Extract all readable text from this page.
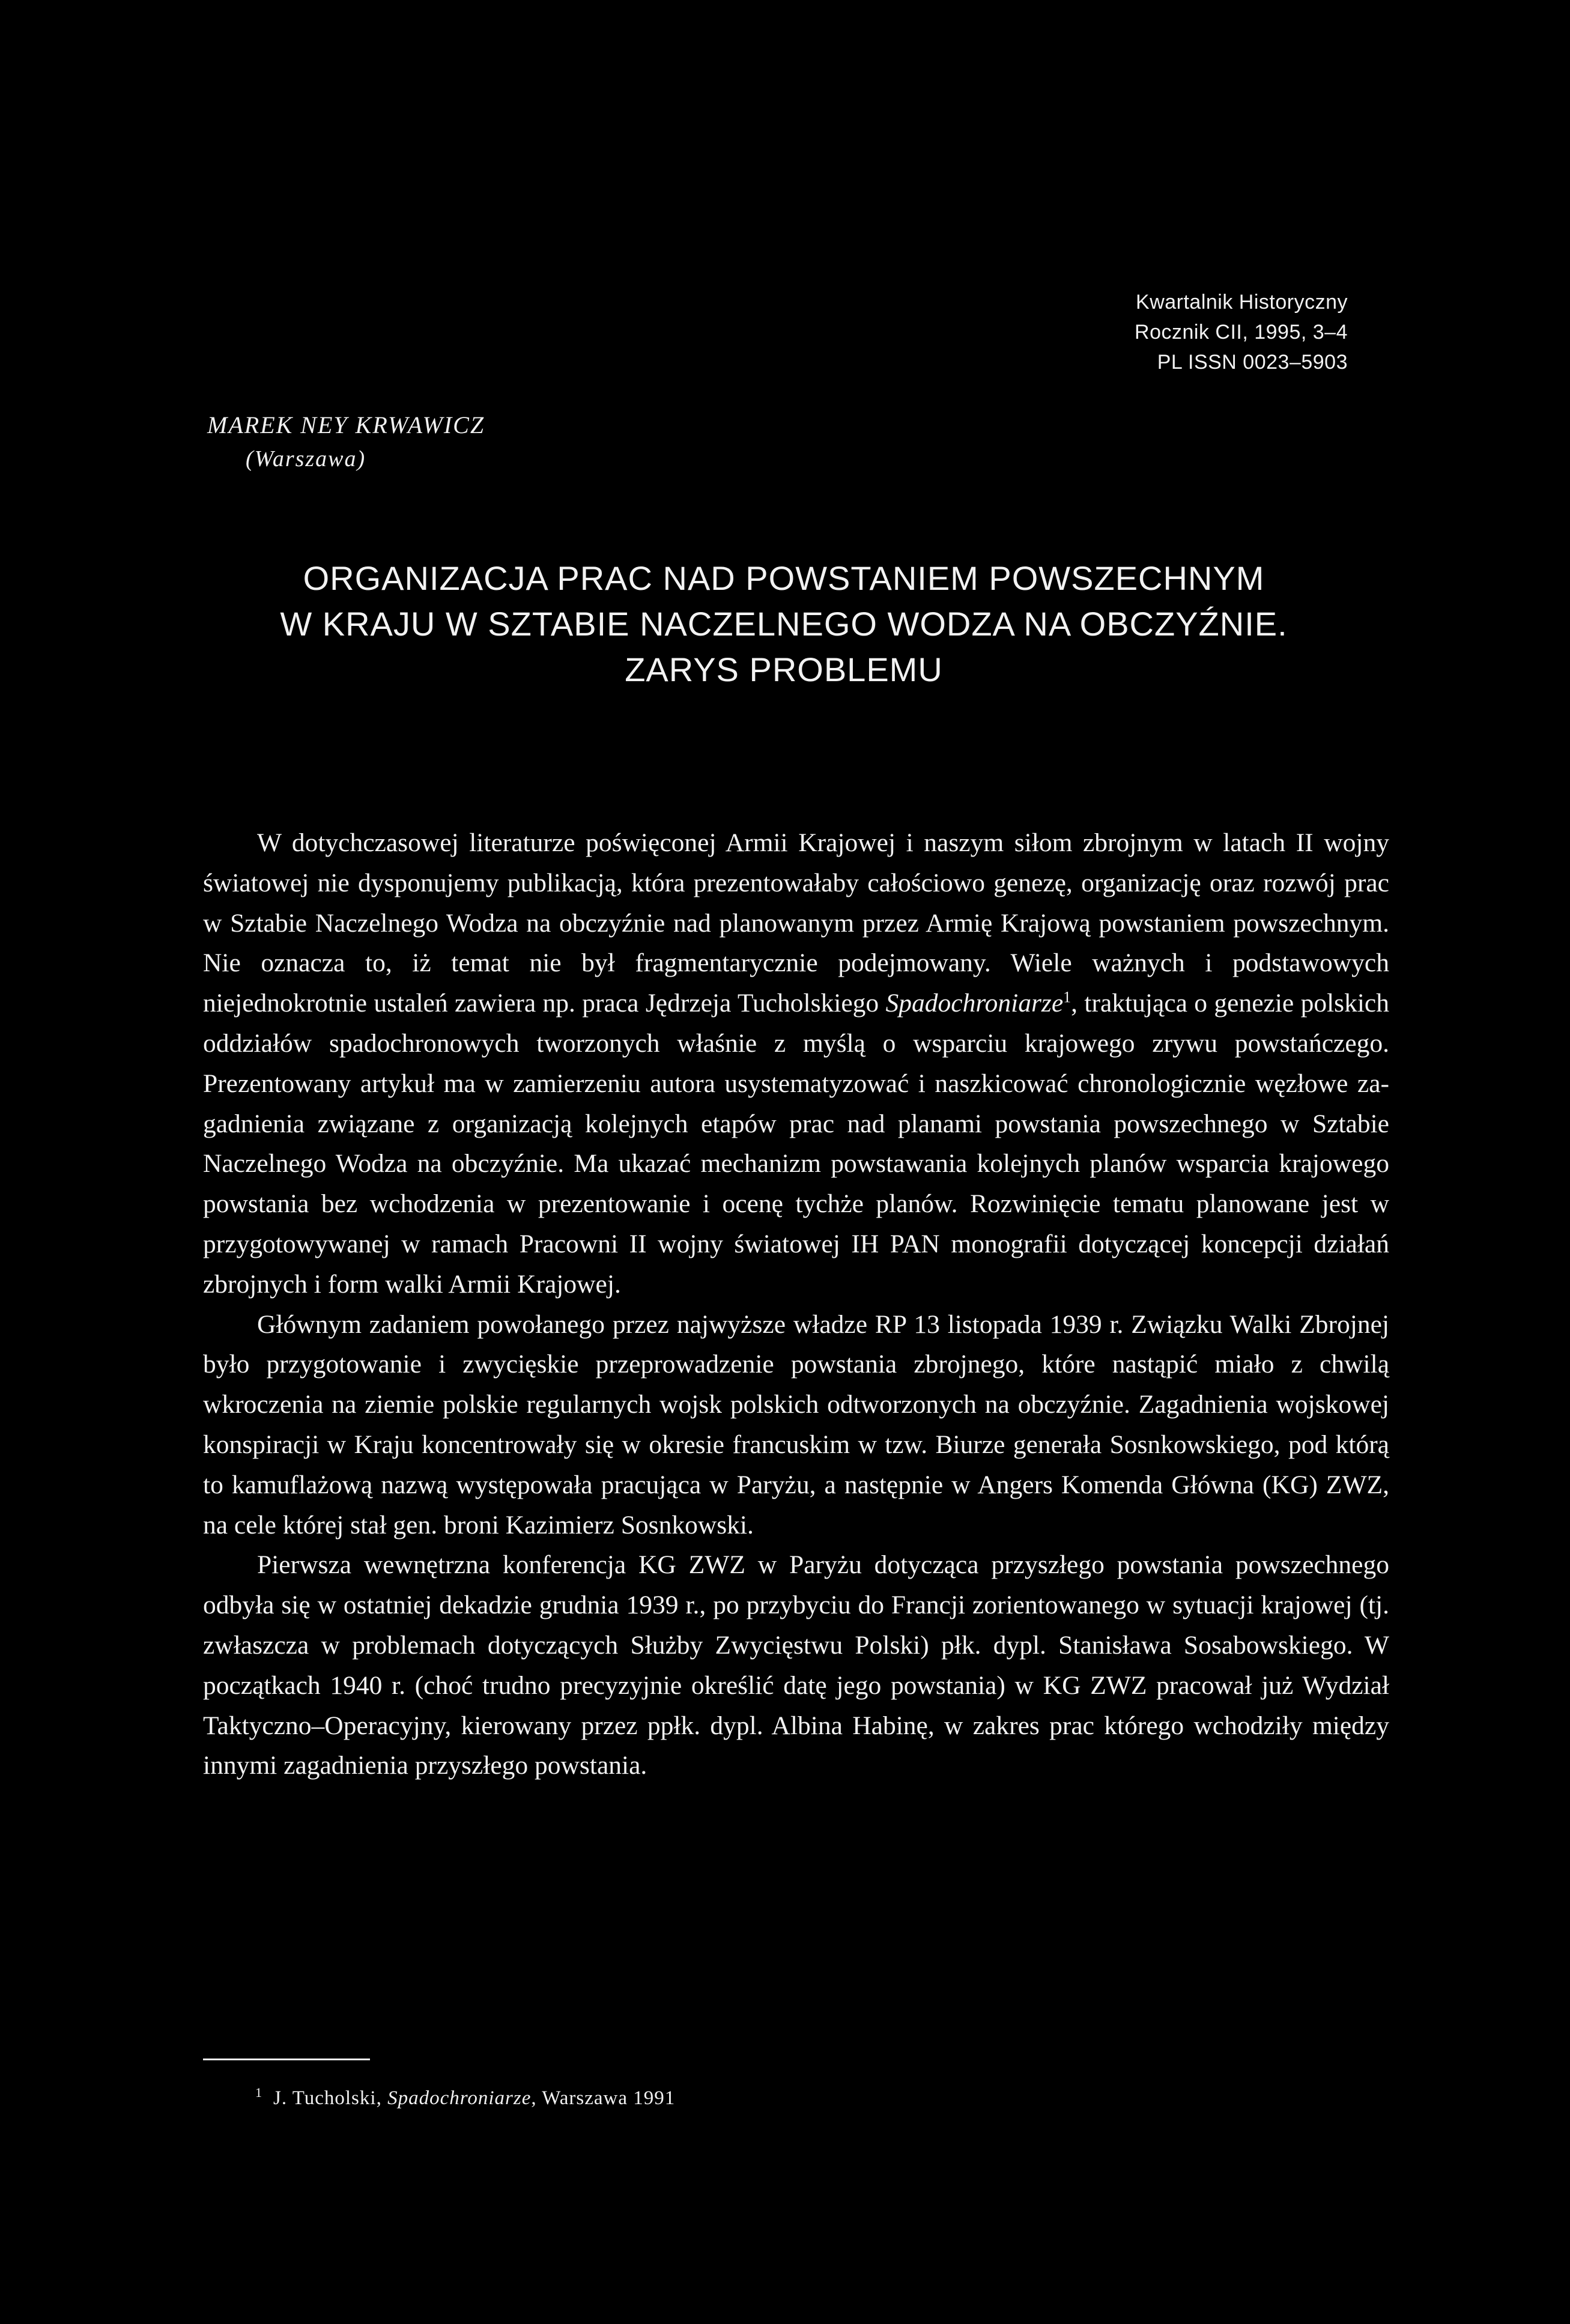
Kwartalnik Historyczny
Rocznik CII, 1995, 3–4
PL ISSN 0023–5903
MAREK NEY KRWAWICZ
(Warszawa)
ORGANIZACJA PRAC NAD POWSTANIEM POWSZECHNYM
W KRAJU W SZTABIE NACZELNEGO WODZA NA OBCZYŹNIE.
ZARYS PROBLEMU

W dotychczasowej literaturze poświęconej Armii Krajowej i naszym siłom zbrojnym w latach II wojny światowej nie dysponujemy publikacją, która prezentowałaby całościowo genezę, organizację oraz rozwój prac w Sztabie Naczelnego Wodza na obczyźnie nad planowanym przez Armię Krajową powstaniem powszechnym. Nie oznacza to, iż temat nie był fragmentarycznie podejmowany. Wiele ważnych i podstawowych niejednokrotnie ustaleń zawiera np. praca Jędrzeja Tucholskiego Spadochroniarze$^1$, traktująca o genezie polskich oddziałów spadochronowych tworzonych właśnie z myślą o wsparciu krajowego zrywu powstańczego. Prezentowany artykuł ma w zamierzeniu autora usystematyzować i naszkicować chronologicznie węzłowe zagadnienia związane z organizacją kolejnych etapów prac nad planami powstania powszechnego w Sztabie Naczelnego Wodza na obczyźnie. Ma ukazać mechanizm powstawania kolejnych planów wsparcia krajowego powstania bez wchodzenia w prezentowanie i ocenę tychże planów. Rozwinięcie tematu planowane jest w przygotowywanej w ramach Pracowni II wojny światowej IH PAN monografii dotyczącej koncepcji działań zbrojnych i form walki Armii Krajowej.

Głównym zadaniem powołanego przez najwyższe władze RP 13 listopada 1939 r. Związku Walki Zbrojnej było przygotowanie i zwycięskie przeprowadzenie powstania zbrojnego, które nastąpić miało z chwilą wkroczenia na ziemie polskie regularnych wojsk polskich odtworzonych na obczyźnie. Zagadnienia wojskowej konspiracji w Kraju koncentrowały się w okresie francuskim w tzw. Biurze generała Sosnkowskiego, pod którą to kamuflażową nazwą występowała pracująca w Paryżu, a następnie w Angers Komenda Główna (KG) ZWZ, na cele której stał gen. broni Kazimierz Sosnkowski.

Pierwsza wewnętrzna konferencja KG ZWZ w Paryżu dotycząca przyszłego powstania powszechnego odbyła się w ostatniej dekadzie grudnia 1939 r., po przybyciu do Francji zorientowanego w sytuacji krajowej (tj. zwłaszcza w problemach dotyczących Służby Zwycięstwu Polski) płk. dypl. Stanisława Sosabowskiego. W początkach 1940 r. (choć trudno precyzyjnie określić datę jego powstania) w KG ZWZ pracował już Wydział Taktyczno–Operacyjny, kierowany przez ppłk. dypl. Albina Habinę, w zakres prac którego wchodziły między innymi zagadnienia przyszłego powstania.

$^1$ J. Tucholski, Spadochroniarze, Warszawa 1991
